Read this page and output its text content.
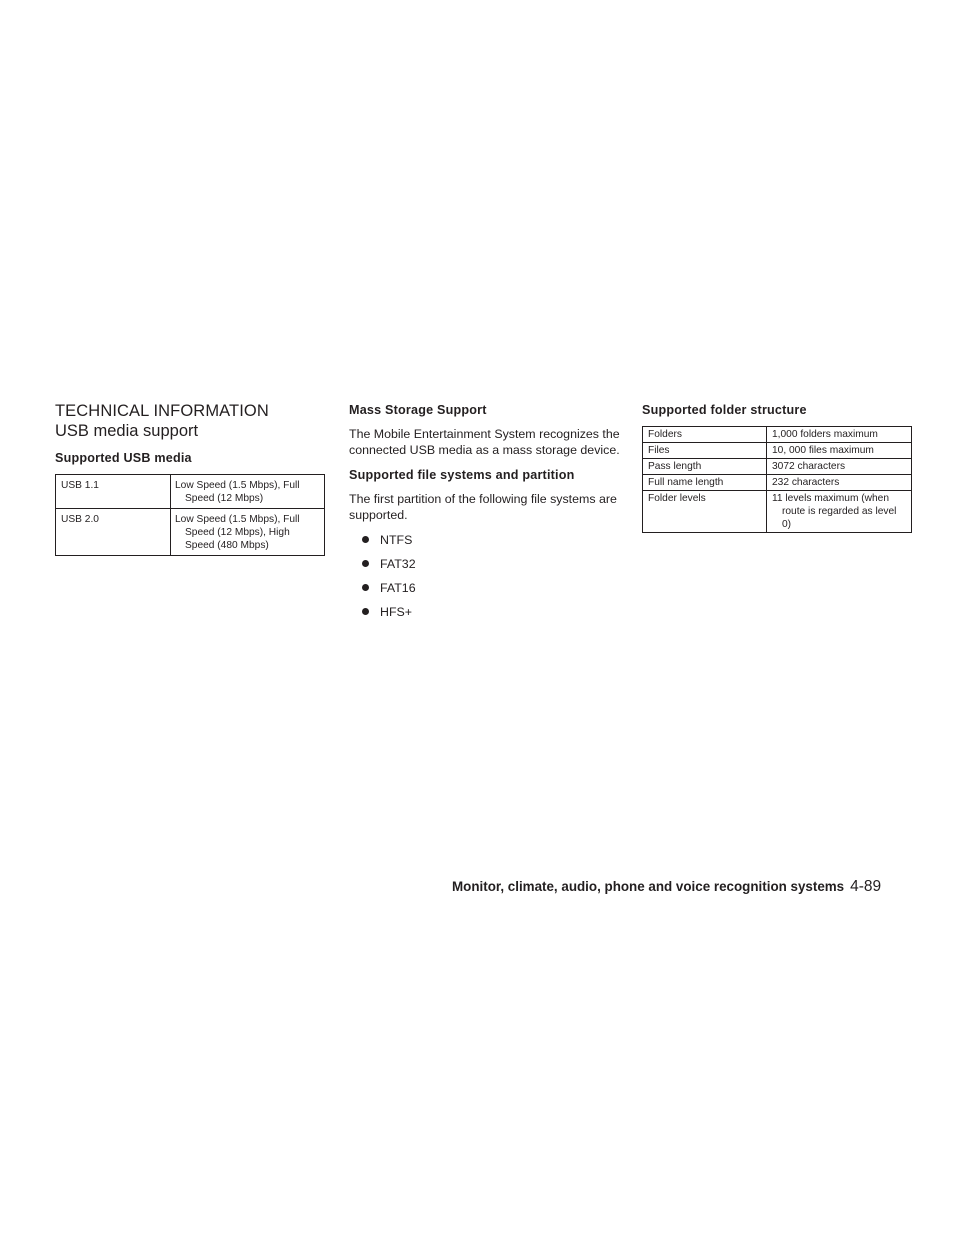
TECHNICAL INFORMATION
USB media support
Supported USB media
USB 1.1	Low Speed (1.5 Mbps), Full Speed (12 Mbps)
USB 2.0	Low Speed (1.5 Mbps), Full Speed (12 Mbps), High Speed (480 Mbps)
Mass Storage Support

The Mobile Entertainment System recognizes the connected USB media as a mass storage device.

Supported file systems and partition

The first partition of the following file systems are supported.

NTFS
FAT32
FAT16
HFS+
Supported folder structure
Folders	1,000 folders maximum
Files	10, 000 files maximum
Pass length	3072 characters
Full name length	232 characters
Folder levels	11 levels maximum (when route is regarded as level 0)
Monitor, climate, audio, phone and voice recognition systems 4-89
